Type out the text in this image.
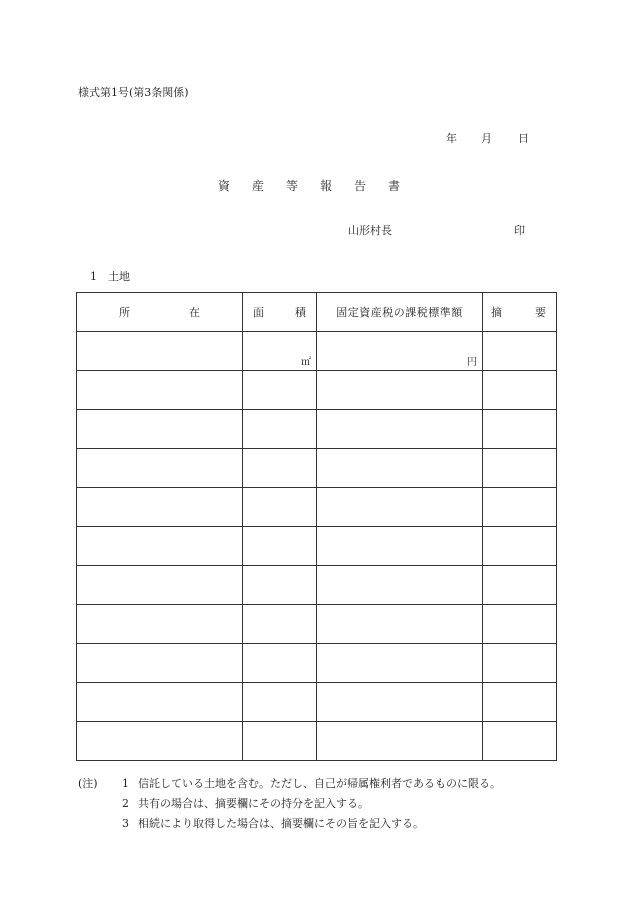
様式第1号(第3条関係)
年 月 日
資 産 等 報 告 書
山形村長	印
1　土地
所 在	面 積	固定資産税の課税標準額	摘 要

	㎡	円	

(注)	1 信託している土地を含む。ただし、自己が帰属権利者であるものに限る。
2 共有の場合は、摘要欄にその持分を記入する。
3 相続により取得した場合は、摘要欄にその旨を記入する。
